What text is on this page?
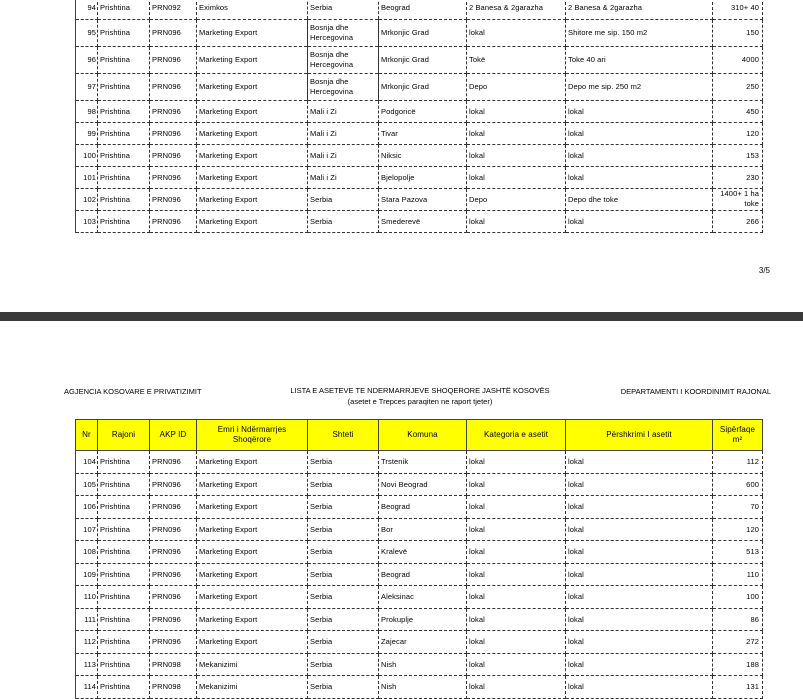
94	Prishtina	PRN092	Eximkos	Serbia	Beograd	2 Banesa & 2garazha	2 Banesa & 2garazha	310+ 40
95	Prishtina	PRN096	Marketing Export	Bosnja dhe Hercegovina	Mrkonjic Grad	lokal	Shitore me sip. 150 m2	150
96	Prishtina	PRN096	Marketing Export	Bosnja dhe Hercegovina	Mrkonjic Grad	Tokë	Toke 40 ari	4000
97	Prishtina	PRN096	Marketing Export	Bosnja dhe Hercegovina	Mrkonjic Grad	Depo	Depo me sip. 250 m2	250
98	Prishtina	PRN096	Marketing Export	Mali i Zi	Podgoricë	lokal	lokal	450
99	Prishtina	PRN096	Marketing Export	Mali i Zi	Tivar	lokal	lokal	120
100	Prishtina	PRN096	Marketing Export	Mali i Zi	Niksic	lokal	lokal	153
101	Prishtina	PRN096	Marketing Export	Mali i Zi	Bjelopolje	lokal	lokal	230
102	Prishtina	PRN096	Marketing Export	Serbia	Stara Pazova	Depo	Depo dhe toke	1400+ 1 ha toke
103	Prishtina	PRN096	Marketing Export	Serbia	Smederevë	lokal	lokal	266
3/5
AGJENCIA KOSOVARE E PRIVATIZIMIT	LISTA E ASETEVE TE NDERMARRJEVE SHOQERORE JASHTË KOSOVËS
(asetet e Trepces paraqiten ne raport tjeter)
DEPARTAMENTI I KOORDINIMIT RAJONAL
Nr	Rajoni	AKP ID	Emri i Ndërmarrjes Shoqërore	Shteti	Komuna	Kategoria e asetit	Përshkrimi I asetit	Sipërfaqe m²
104	Prishtina	PRN096	Marketing Export	Serbia	Trstenik	lokal	lokal	112
105	Prishtina	PRN096	Marketing Export	Serbia	Novi Beograd	lokal	lokal	600
106	Prishtina	PRN096	Marketing Export	Serbia	Beograd	lokal	lokal	70
107	Prishtina	PRN096	Marketing Export	Serbia	Bor	lokal	lokal	120
108	Prishtina	PRN096	Marketing Export	Serbia	Kralevë	lokal	lokal	513
109	Prishtina	PRN096	Marketing Export	Serbia	Beograd	lokal	lokal	110
110	Prishtina	PRN096	Marketing Export	Serbia	Aleksinac	lokal	lokal	100
111	Prishtina	PRN096	Marketing Export	Serbia	Prokuplje	lokal	lokal	86
112	Prishtina	PRN096	Marketing Export	Serbia	Zajecar	lokal	lokal	272
113	Prishtina	PRN098	Mekanizimi	Serbia	Nish	lokal	lokal	188
114	Prishtina	PRN098	Mekanizimi	Serbia	Nish	lokal	lokal	131
